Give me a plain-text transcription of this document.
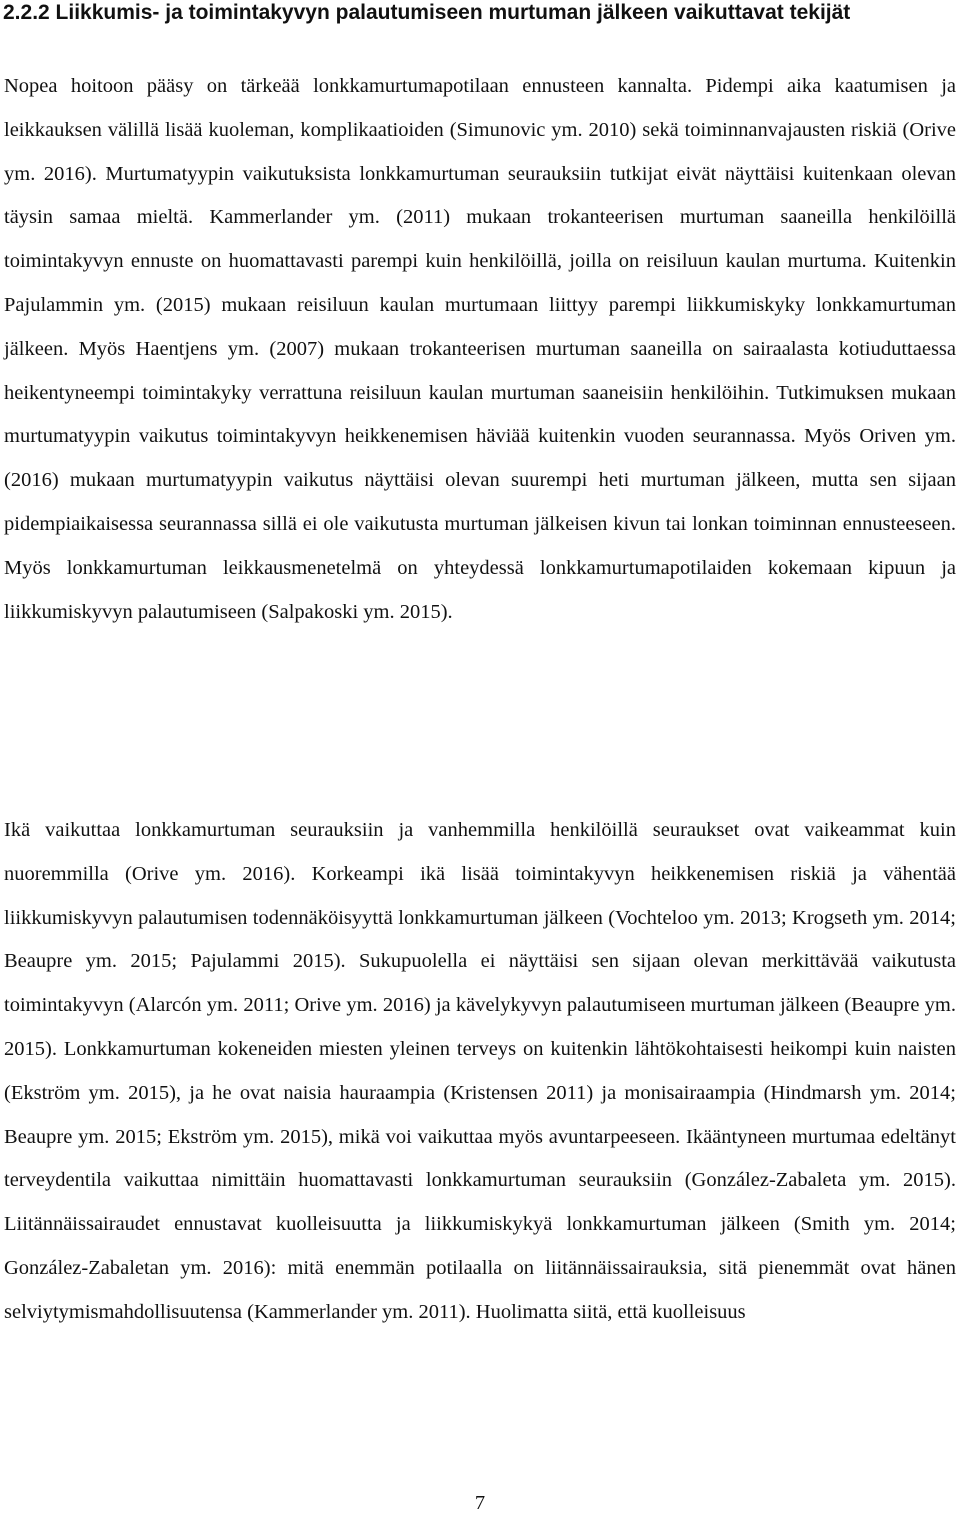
2.2.2 Liikkumis- ja toimintakyvyn palautumiseen murtuman jälkeen vaikuttavat tekijät

Nopea hoitoon pääsy on tärkeää lonkkamurtumapotilaan ennusteen kannalta. Pidempi aika kaatumisen ja leikkauksen välillä lisää kuoleman, komplikaatioiden (Simunovic ym. 2010) sekä toiminnanvajausten riskiä (Orive ym. 2016). Murtumatyypin vaikutuksista lonkkamurtuman seurauksiin tutkijat eivät näyttäisi kuitenkaan olevan täysin samaa mieltä. Kammerlander ym. (2011) mukaan trokanteerisen murtuman saaneilla henkilöillä toimintakyvyn ennuste on huomattavasti parempi kuin henkilöillä, joilla on reisiluun kaulan murtuma. Kuitenkin Pajulammin ym. (2015) mukaan reisiluun kaulan murtumaan liittyy parempi liikkumiskyky lonkkamurtuman jälkeen. Myös Haentjens ym. (2007) mukaan trokanteerisen murtuman saaneilla on sairaalasta kotiuduttaessa heikentyneempi toimintakyky verrattuna reisiluun kaulan murtuman saaneisiin henkilöihin. Tutkimuksen mukaan murtumatyypin vaikutus toimintakyvyn heikkenemisen häviää kuitenkin vuoden seurannassa. Myös Oriven ym. (2016) mukaan murtumatyypin vaikutus näyttäisi olevan suurempi heti murtuman jälkeen, mutta sen sijaan pidempiaikaisessa seurannassa sillä ei ole vaikutusta murtuman jälkeisen kivun tai lonkan toiminnan ennusteeseen. Myös lonkkamurtuman leikkausmenetelmä on yhteydessä lonkkamurtumapotilaiden kokemaan kipuun ja liikkumiskyvyn palautumiseen (Salpakoski ym. 2015).

Ikä vaikuttaa lonkkamurtuman seurauksiin ja vanhemmilla henkilöillä seuraukset ovat vaikeammat kuin nuoremmilla (Orive ym. 2016). Korkeampi ikä lisää toimintakyvyn heikkenemisen riskiä ja vähentää liikkumiskyvyn palautumisen todennäköisyyttä lonkkamurtuman jälkeen (Vochteloo ym. 2013; Krogseth ym. 2014; Beaupre ym. 2015; Pajulammi 2015). Sukupuolella ei näyttäisi sen sijaan olevan merkittävää vaikutusta toimintakyvyn (Alarcón ym. 2011; Orive ym. 2016) ja kävelykyvyn palautumiseen murtuman jälkeen (Beaupre ym. 2015). Lonkkamurtuman kokeneiden miesten yleinen terveys on kuitenkin lähtökohtaisesti heikompi kuin naisten (Ekström ym. 2015), ja he ovat naisia hauraampia (Kristensen 2011) ja monisairaampia (Hindmarsh ym. 2014; Beaupre ym. 2015; Ekström ym. 2015), mikä voi vaikuttaa myös avuntarpeeseen. Ikääntyneen murtumaa edeltänyt terveydentila vaikuttaa nimittäin huomattavasti lonkkamurtuman seurauksiin (González-Zabaleta ym. 2015). Liitännäissairaudet ennustavat kuolleisuutta ja liikkumiskykyä lonkkamurtuman jälkeen (Smith ym. 2014; González-Zabaletan ym. 2016): mitä enemmän potilaalla on liitännäissairauksia, sitä pienemmät ovat hänen selviytymismahdollisuutensa (Kammerlander ym. 2011). Huolimatta siitä, että kuolleisuus

7
